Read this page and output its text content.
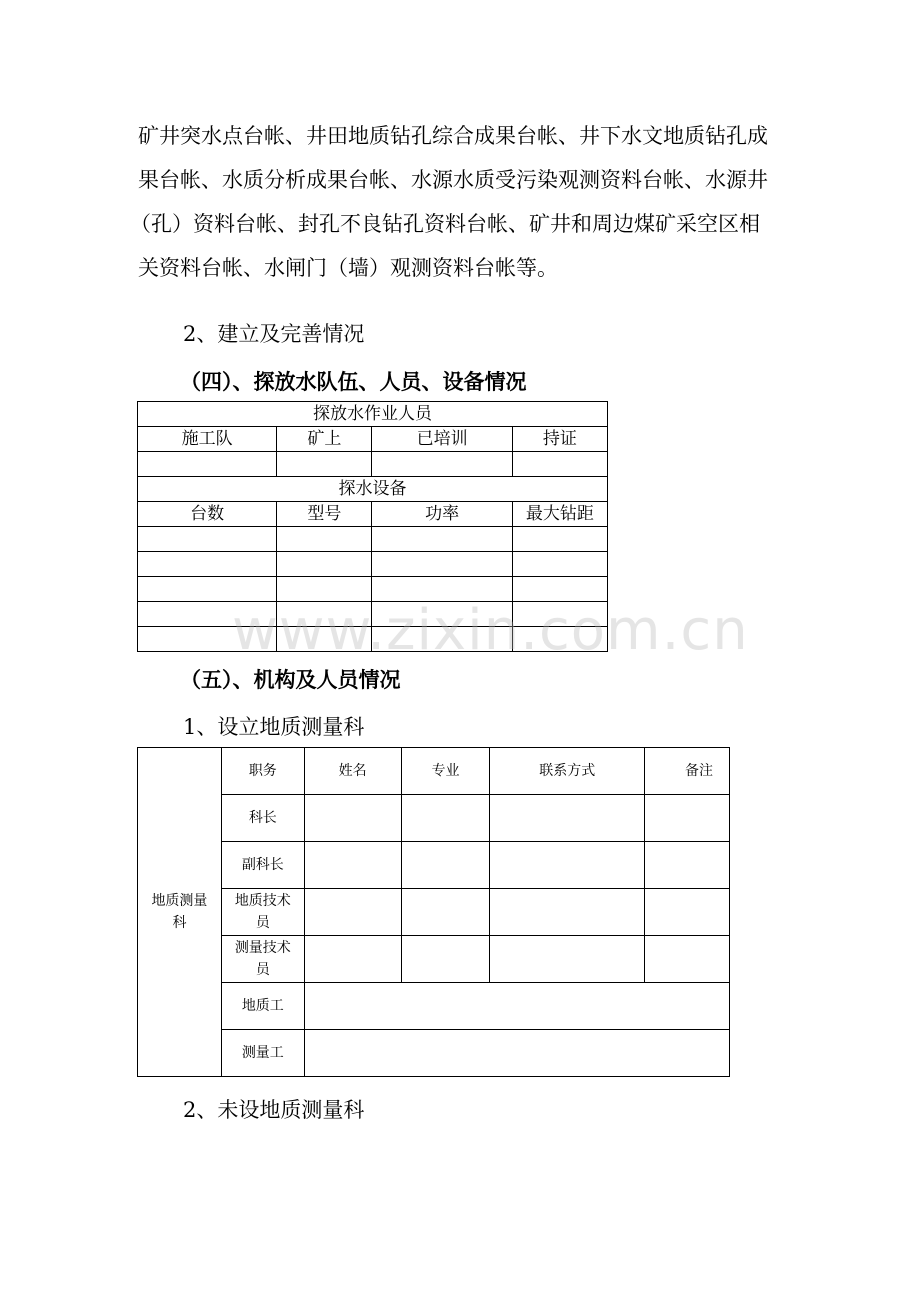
矿井突水点台帐、井田地质钻孔综合成果台帐、井下水文地质钻孔成
果台帐、水质分析成果台帐、水源水质受污染观测资料台帐、水源井
（孔）资料台帐、封孔不良钻孔资料台帐、矿井和周边煤矿采空区相
关资料台帐、水闸门（墙）观测资料台帐等。
2、建立及完善情况
（四）、探放水队伍、人员、设备情况
探放水作业人员			
施工队	矿上	已培训	持证

探水设备			
台数	型号	功率	最大钻距

www.zixin.com.cn
（五）、机构及人员情况
1、设立地质测量科
地质测量科	职务	姓名	专业	联系方式	备注
	科长				
	副科长				
	地质技术员				
	测量技术员				
	地质工				
	测量工				
2、未设地质测量科
